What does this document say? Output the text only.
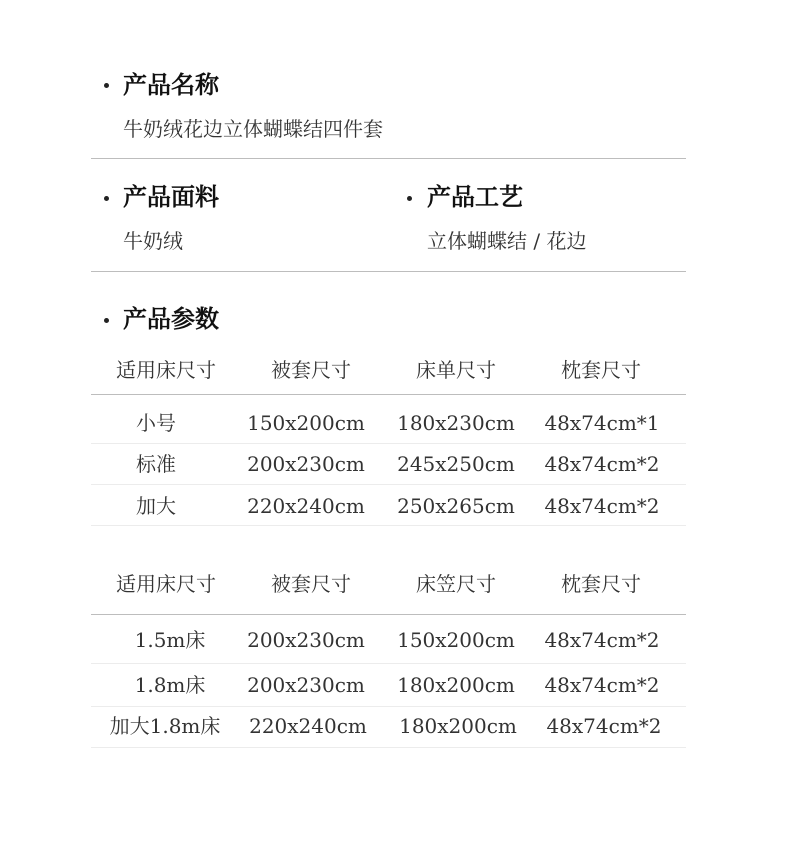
产品名称
牛奶绒花边立体蝴蝶结四件套
产品面料
牛奶绒
产品工艺
立体蝴蝶结 / 花边
产品参数
适用床尺寸	被套尺寸	床单尺寸	枕套尺寸
小号	150x200cm	180x230cm	48x74cm*1
标准	200x230cm	245x250cm	48x74cm*2
加大	220x240cm	250x265cm	48x74cm*2
适用床尺寸	被套尺寸	床笠尺寸	枕套尺寸
1.5m床	200x230cm	150x200cm	48x74cm*2
1.8m床	200x230cm	180x200cm	48x74cm*2
加大1.8m床	220x240cm	180x200cm	48x74cm*2
